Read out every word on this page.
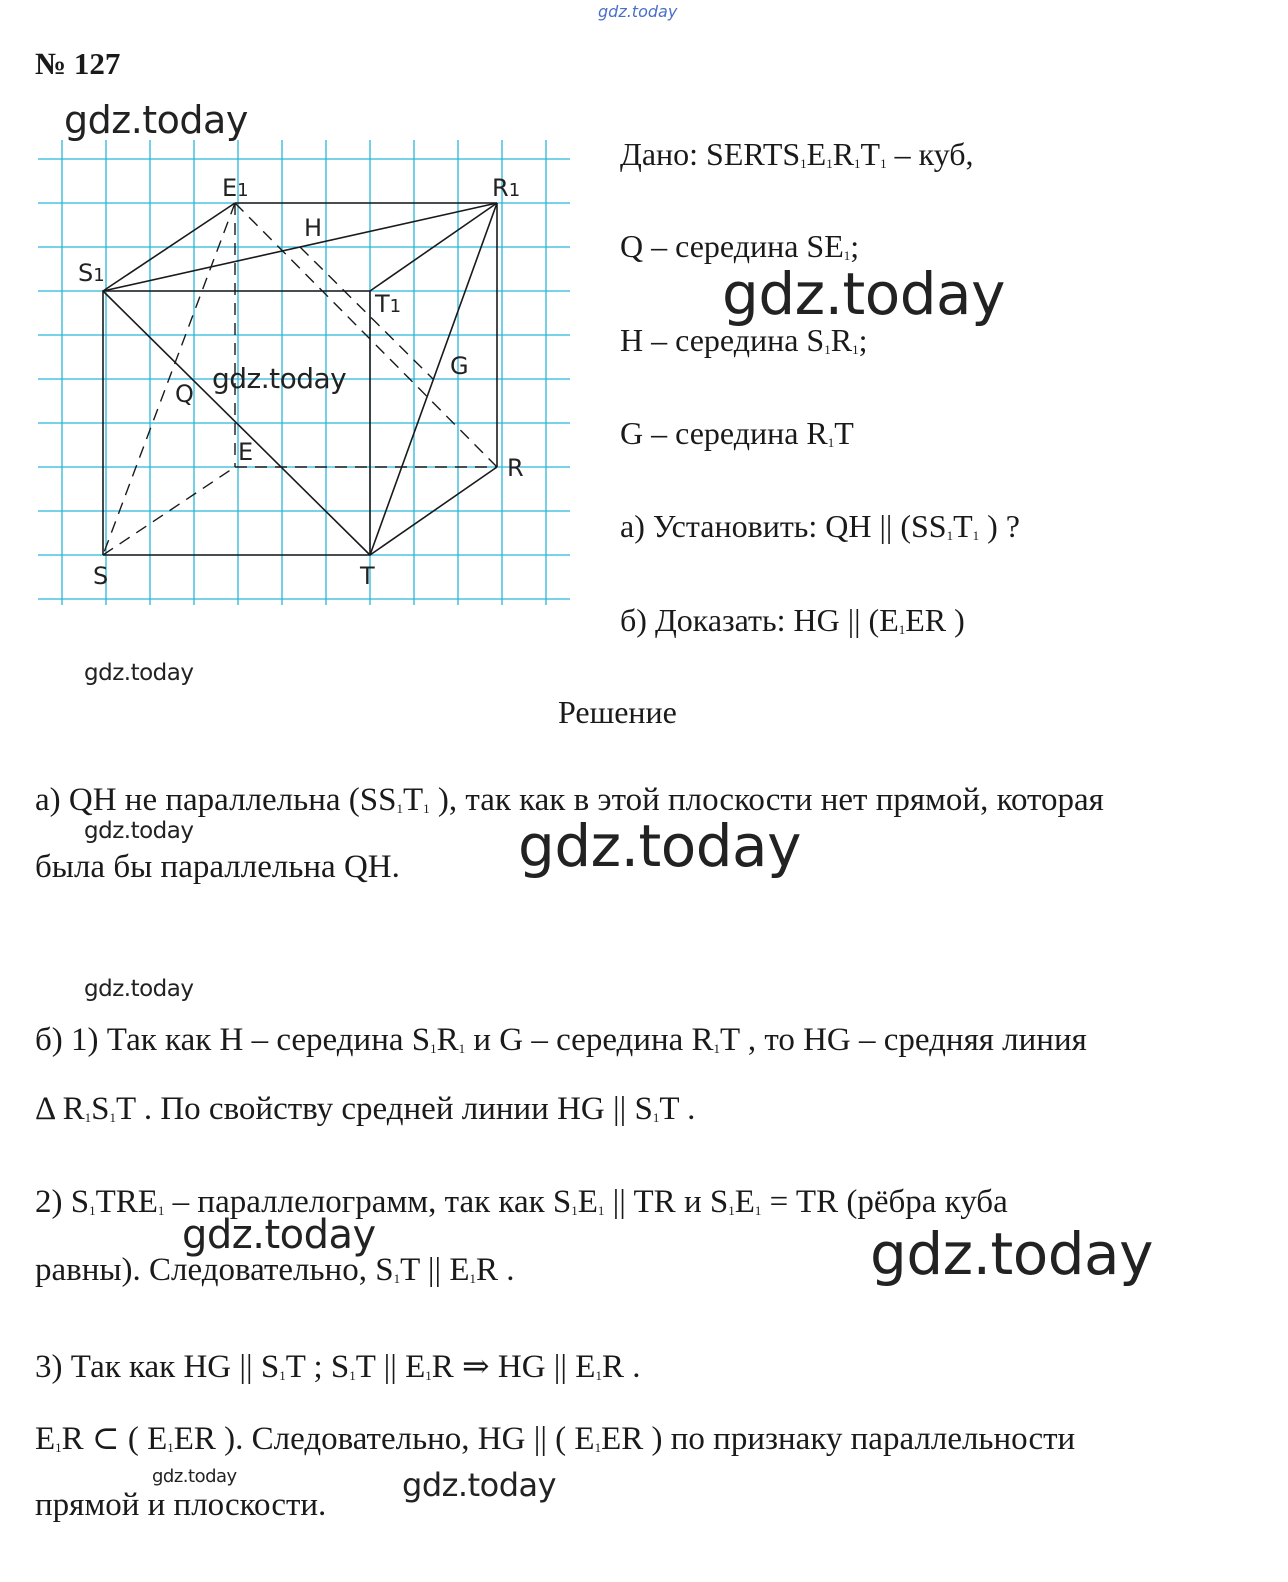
gdz.today
№ 127
E1	R1
S1
T1
H
G
Q
E
R
S	T
gdz.today
gdz.today
gdz.today
gdz.today
gdz.today	gdz.today
gdz.today
gdz.today	gdz.today
gdz.today	gdz.today
Дано: $SERTS_1E_1R_1T_1$ – куб,
Q – середина $SE_1$;
H – середина $S_1R_1$;
G – середина $R_1T$
а) Установить: QH || ($SS_1T_1$ ) ?
б) Доказать: HG || ($E_1ER$ )
Решение
а) QH не параллельна ($SS_1T_1$ ), так как в этой плоскости нет прямой, которая
была бы параллельна QH.
б) 1) Так как H – середина $S_1R_1$ и G – середина $R_1T$ , то HG – средняя линия
Δ $R_1S_1T$ . По свойству средней линии HG || $S_1T$ .
2) $S_1TRE_1$ – параллелограмм, так как $S_1E_1$ || TR и $S_1E_1$ = TR (рёбра куба
равны). Следовательно, $S_1T$ || $E_1R$ .
3) Так как HG || $S_1T$ ; $S_1T$ || $E_1R$ ⇒ HG || $E_1R$ .
$E_1R$ ⊂ ( $E_1ER$ ). Следовательно, HG || ( $E_1ER$ ) по признаку параллельности
прямой и плоскости.
